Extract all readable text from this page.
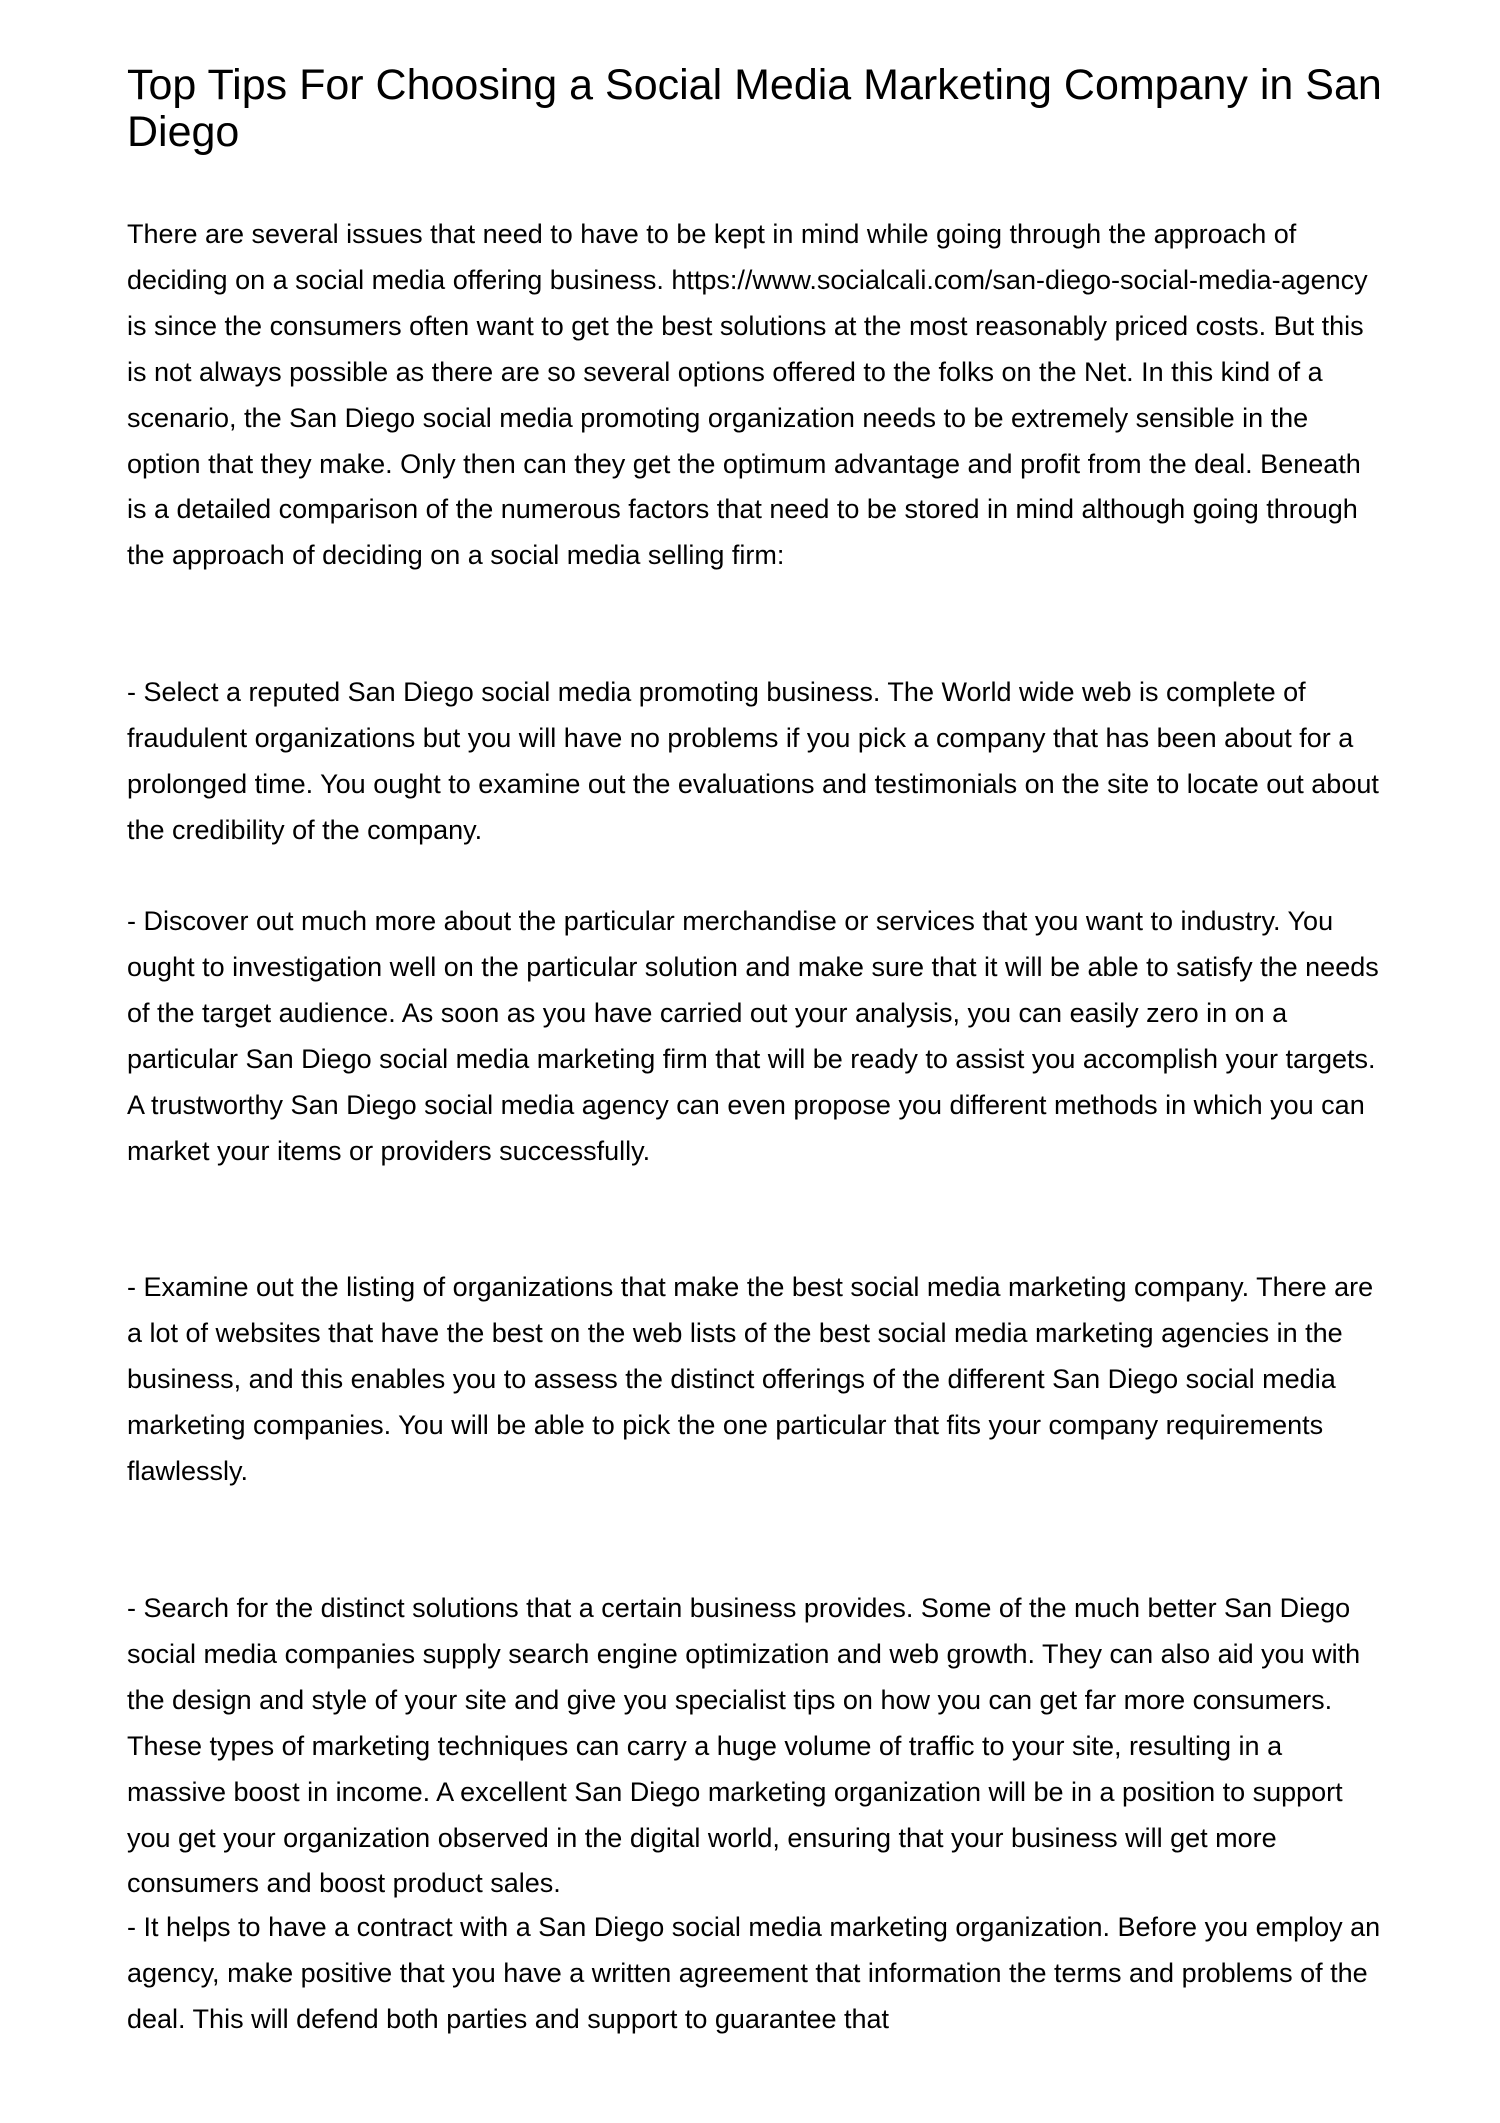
Top Tips For Choosing a Social Media Marketing Company in San Diego

There are several issues that need to have to be kept in mind while going through the approach of deciding on a social media offering business. https://www.socialcali.com/san-diego-social-media-agency is since the consumers often want to get the best solutions at the most reasonably priced costs. But this is not always possible as there are so several options offered to the folks on the Net. In this kind of a scenario, the San Diego social media promoting organization needs to be extremely sensible in the option that they make. Only then can they get the optimum advantage and profit from the deal. Beneath is a detailed comparison of the numerous factors that need to be stored in mind although going through the approach of deciding on a social media selling firm:

- Select a reputed San Diego social media promoting business. The World wide web is complete of fraudulent organizations but you will have no problems if you pick a company that has been about for a prolonged time. You ought to examine out the evaluations and testimonials on the site to locate out about the credibility of the company.

- Discover out much more about the particular merchandise or services that you want to industry. You ought to investigation well on the particular solution and make sure that it will be able to satisfy the needs of the target audience. As soon as you have carried out your analysis, you can easily zero in on a particular San Diego social media marketing firm that will be ready to assist you accomplish your targets. A trustworthy San Diego social media agency can even propose you different methods in which you can market your items or providers successfully.

- Examine out the listing of organizations that make the best social media marketing company. There are a lot of websites that have the best on the web lists of the best social media marketing agencies in the business, and this enables you to assess the distinct offerings of the different San Diego social media marketing companies. You will be able to pick the one particular that fits your company requirements flawlessly.

- Search for the distinct solutions that a certain business provides. Some of the much better San Diego social media companies supply search engine optimization and web growth. They can also aid you with the design and style of your site and give you specialist tips on how you can get far more consumers. These types of marketing techniques can carry a huge volume of traffic to your site, resulting in a massive boost in income. A excellent San Diego marketing organization will be in a position to support you get your organization observed in the digital world, ensuring that your business will get more consumers and boost product sales.

- It helps to have a contract with a San Diego social media marketing organization. Before you employ an agency, make positive that you have a written agreement that information the terms and problems of the deal. This will defend both parties and support to guarantee that
